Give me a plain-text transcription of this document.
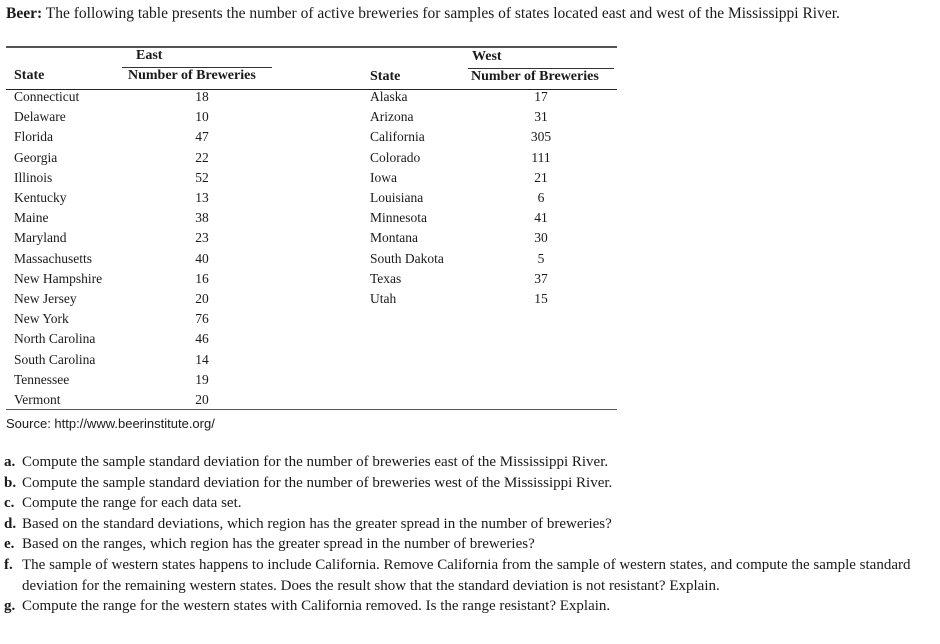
Beer: The following table presents the number of active breweries for samples of states located east and west of the Mississippi River.
East	West
State	Number of Breweries	State	Number of Breweries
Connecticut	18	Alaska	17
Delaware	10	Arizona	31
Florida	47	California	305
Georgia	22	Colorado	111
Illinois	52	Iowa	21
Kentucky	13	Louisiana	6
Maine	38	Minnesota	41
Maryland	23	Montana	30
Massachusetts	40	South Dakota	5
New Hampshire	16	Texas	37
New Jersey	20	Utah	15
New York	76
North Carolina	46
South Carolina	14
Tennessee	19
Vermont	20
Source: http://www.beerinstitute.org/
a. Compute the sample standard deviation for the number of breweries east of the Mississippi River.
b. Compute the sample standard deviation for the number of breweries west of the Mississippi River.
c. Compute the range for each data set.
d. Based on the standard deviations, which region has the greater spread in the number of breweries?
e. Based on the ranges, which region has the greater spread in the number of breweries?
f. The sample of western states happens to include California. Remove California from the sample of western states, and compute the sample standard deviation for the remaining western states. Does the result show that the standard deviation is not resistant? Explain.
g. Compute the range for the western states with California removed. Is the range resistant? Explain.
